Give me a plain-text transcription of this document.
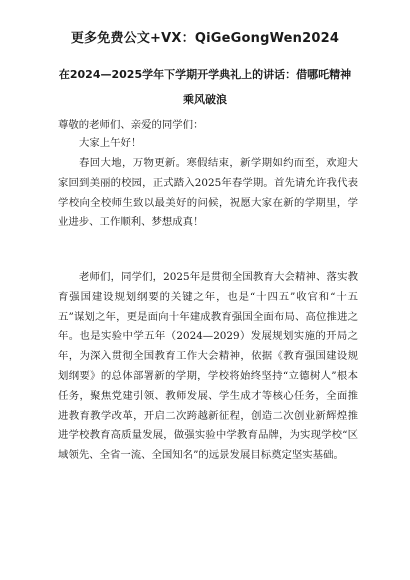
更多免费公文+VX：QiGeGongWen2024
在2024—2025学年下学期开学典礼上的讲话：借哪吒精神
乘风破浪
尊敬的老师们、亲爱的同学们：
大家上午好！

春回大地，万物更新。寒假结束，新学期如约而至，欢迎大家回到美丽的校园，正式踏入2025年春学期。首先请允许我代表学校向全校师生致以最美好的问候，祝愿大家在新的学期里，学业进步、工作顺利、梦想成真！

老师们，同学们，2025年是贯彻全国教育大会精神、落实教育强国建设规划纲要的关键之年，也是“十四五”收官和“十五五”谋划之年，更是面向十年建成教育强国全面布局、高位推进之年。也是实验中学五年（2024—2029）发展规划实施的开局之年，为深入贯彻全国教育工作大会精神，依据《教育强国建设规划纲要》的总体部署新的学期，学校将始终坚持“立德树人”根本任务，聚焦党建引领、教师发展、学生成才等核心任务，全面推进教育教学改革，开启二次跨越新征程，创造二次创业新辉煌推进学校教育高质量发展，做强实验中学教育品牌，为实现学校“区域领先、全省一流、全国知名”的远景发展目标奠定坚实基础。
